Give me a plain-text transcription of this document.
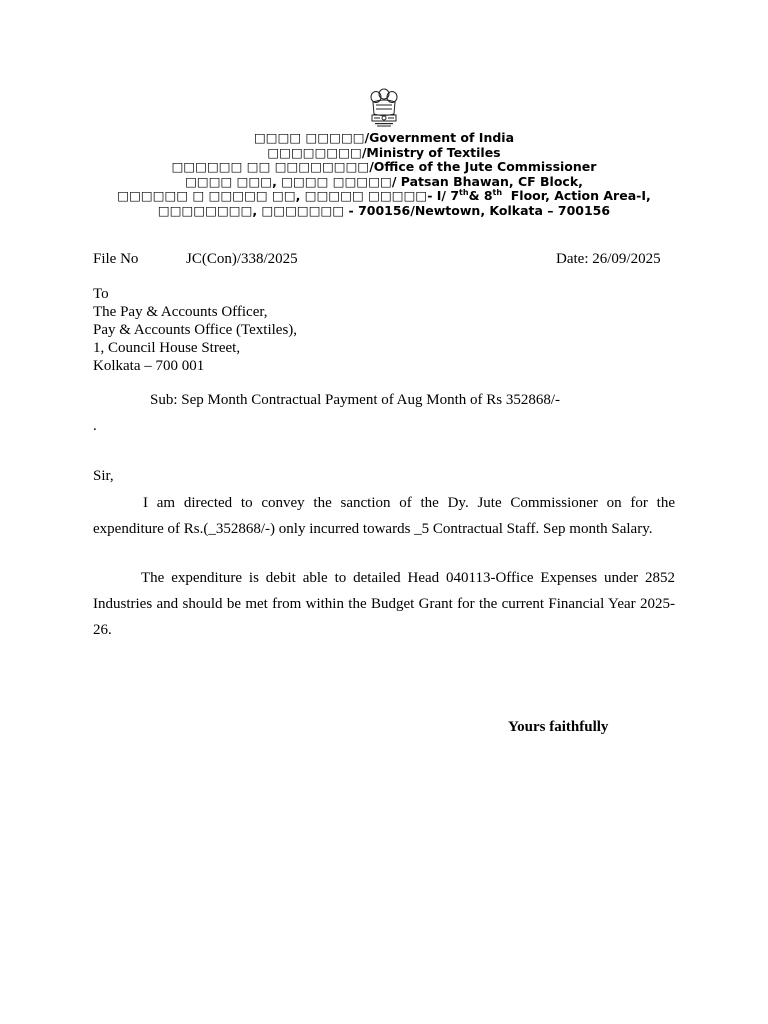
□□□□ □□□□□/Government of India
□□□□□□□□/Ministry of Textiles
□□□□□□ □□ □□□□□□□□/Office of the Jute Commissioner
□□□□ □□□, □□□□ □□□□□/ Patsan Bhawan, CF Block,
□□□□□□ □ □□□□□ □□, □□□□□ □□□□□- I/ 7th& 8th  Floor, Action Area-I,
□□□□□□□□, □□□□□□□ - 700156/Newtown, Kolkata – 700156
File No	JC(Con)/338/2025	Date: 26/09/2025
To
The Pay & Accounts Officer,
Pay & Accounts Office (Textiles),
1, Council House Street,
Kolkata – 700 001
Sub: Sep Month Contractual Payment of Aug Month of Rs 352868/-
.
Sir,
I am directed to convey the sanction of the Dy. Jute Commissioner on for the expenditure of Rs.(_352868/-) only incurred towards _5 Contractual Staff. Sep month Salary.
The expenditure is debit able to detailed Head 040113-Office Expenses under 2852 Industries and should be met from within the Budget Grant for the current Financial Year 2025-26.
Yours faithfully
